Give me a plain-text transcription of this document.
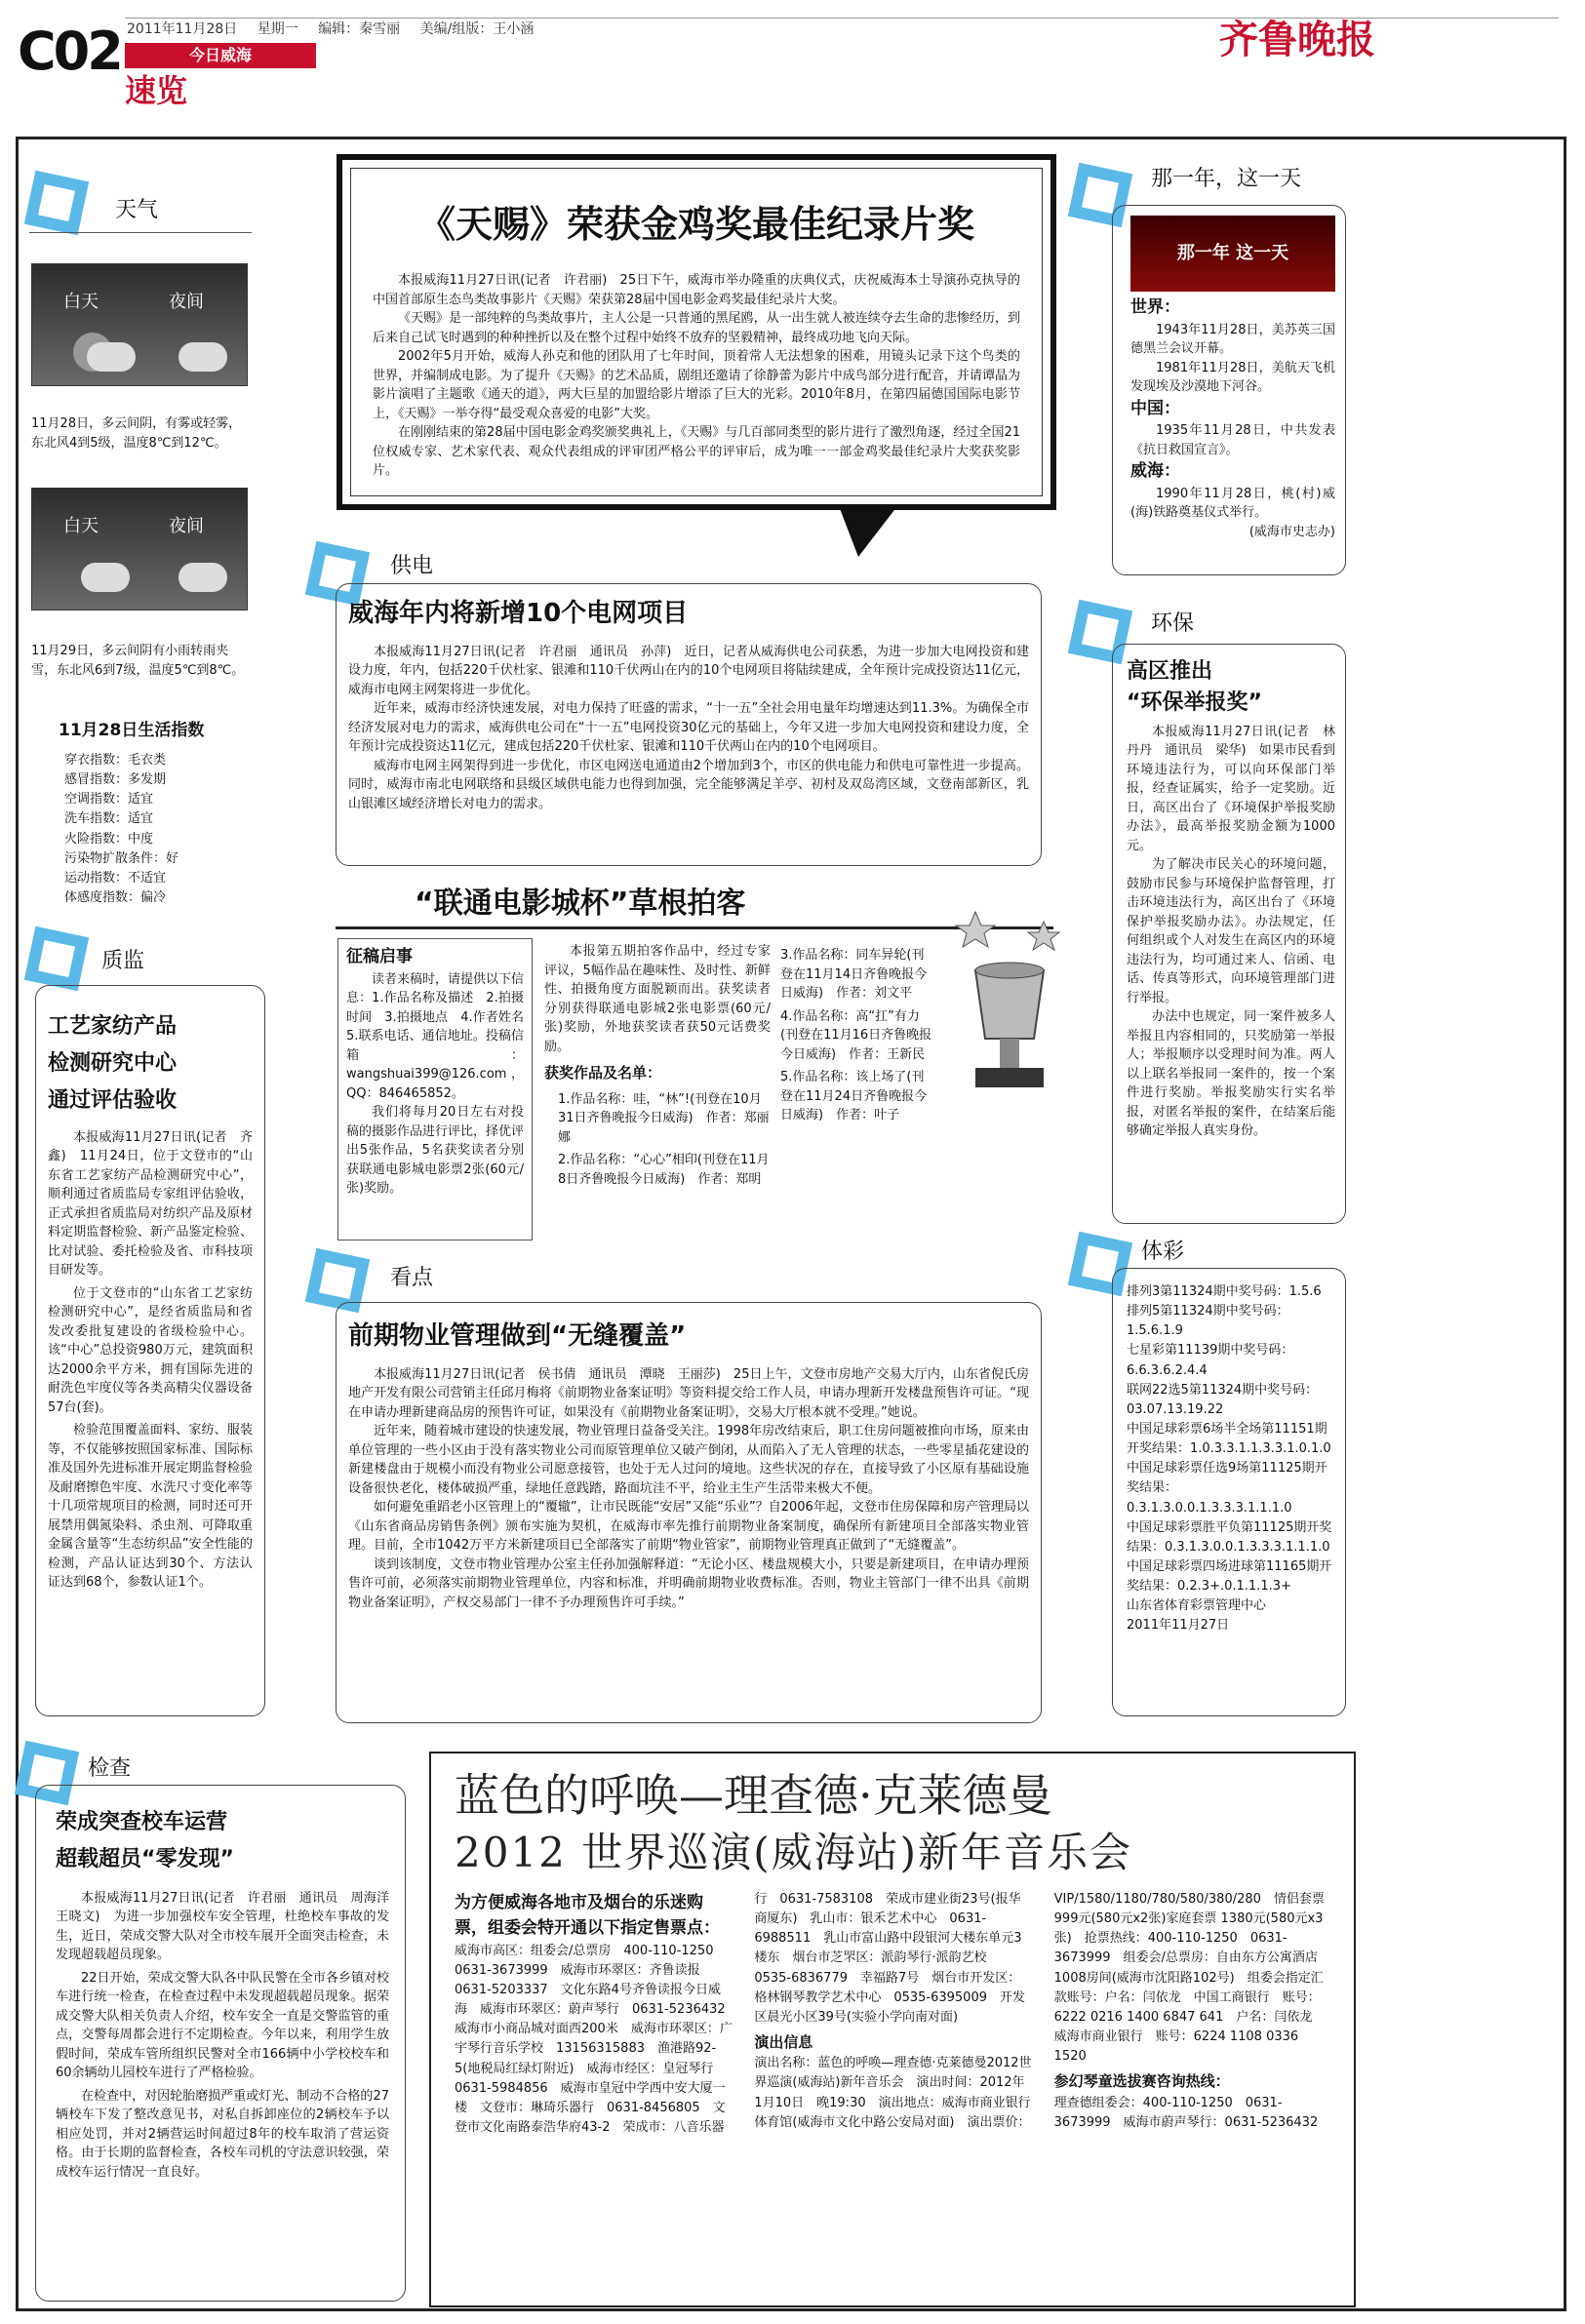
C02 2011年11月28日 星期一 编辑：秦雪丽 美编/组版：王小涵
今日威海
速览
齐鲁晚报
天气
白天	夜间
11月28日，多云间阴，有雾或轻雾，东北风4到5级，温度8℃到12℃。
白天	夜间
11月29日，多云间阴有小雨转雨夹雪，东北风6到7级，温度5℃到8℃。
11月28日生活指数
穿衣指数：毛衣类
感冒指数：多发期
空调指数：适宜
洗车指数：适宜
火险指数：中度
污染物扩散条件：好
运动指数：不适宜
体感度指数：偏冷
质监
工艺家纺产品
检测研究中心
通过评估验收

本报威海11月27日讯(记者　齐鑫)　11月24日，位于文登市的“山东省工艺家纺产品检测研究中心”，顺利通过省质监局专家组评估验收，正式承担省质监局对纺织产品及原材料定期监督检验、新产品鉴定检验、比对试验、委托检验及省、市科技项目研发等。

位于文登市的“山东省工艺家纺检测研究中心”，是经省质监局和省发改委批复建设的省级检验中心。该“中心”总投资980万元，建筑面积达2000余平方米，拥有国际先进的耐洗色牢度仪等各类高精尖仪器设备57台(套)。

检验范围覆盖面料、家纺、服装等，不仅能够按照国家标准、国际标准及国外先进标准开展定期监督检验及耐磨擦色牢度、水洗尺寸变化率等十几项常规项目的检测，同时还可开展禁用偶氮染料、杀虫剂、可降取重金属含量等“生态纺织品”安全性能的检测，产品认证达到30个、方法认证达到68个，参数认证1个。

检查
荣成突查校车运营
超载超员“零发现”

本报威海11月27日讯(记者　许君丽　通讯员　周海洋　王晓文)　为进一步加强校车安全管理，杜绝校车事故的发生，近日，荣成交警大队对全市校车展开全面突击检查，未发现超载超员现象。

22日开始，荣成交警大队各中队民警在全市各乡镇对校车进行统一检查，在检查过程中未发现超载超员现象。据荣成交警大队相关负责人介绍，校车安全一直是交警监管的重点，交警每周都会进行不定期检查。今年以来，利用学生放假时间，荣成车管所组织民警对全市166辆中小学校校车和60余辆幼儿园校车进行了严格检验。

在检查中，对因轮胎磨损严重或灯光、制动不合格的27辆校车下发了整改意见书，对私自拆卸座位的2辆校车予以相应处罚，并对2辆营运时间超过8年的校车取消了营运资格。由于长期的监督检查，各校车司机的守法意识较强，荣成校车运行情况一直良好。

《天赐》荣获金鸡奖最佳纪录片奖

本报威海11月27日讯(记者　许君丽)　25日下午，威海市举办隆重的庆典仪式，庆祝威海本土导演孙克执导的中国首部原生态鸟类故事影片《天赐》荣获第28届中国电影金鸡奖最佳纪录片大奖。

《天赐》是一部纯粹的鸟类故事片，主人公是一只普通的黑尾鸥，从一出生就人被连续夺去生命的悲惨经历，到后来自己试飞时遇到的种种挫折以及在整个过程中始终不放弃的坚毅精神，最终成功地飞向天际。

2002年5月开始，威海人孙克和他的团队用了七年时间，顶着常人无法想象的困难，用镜头记录下这个鸟类的世界，并编制成电影。为了提升《天赐》的艺术品质，剧组还邀请了徐静蕾为影片中成鸟部分进行配音，并请谭晶为影片演唱了主题歌《通天的道》，两大巨星的加盟给影片增添了巨大的光彩。2010年8月，在第四届德国国际电影节上，《天赐》一举夺得“最受观众喜爱的电影”大奖。

在刚刚结束的第28届中国电影金鸡奖颁奖典礼上，《天赐》与几百部同类型的影片进行了激烈角逐，经过全国21位权威专家、艺术家代表、观众代表组成的评审团严格公平的评审后，成为唯一一部金鸡奖最佳纪录片大奖获奖影片。

供电
威海年内将新增10个电网项目

本报威海11月27日讯(记者　许君丽　通讯员　孙萍)　近日，记者从威海供电公司获悉，为进一步加大电网投资和建设力度，年内，包括220千伏杜家、银滩和110千伏两山在内的10个电网项目将陆续建成，全年预计完成投资达11亿元，威海市电网主网架将进一步优化。

近年来，威海市经济快速发展，对电力保持了旺盛的需求，“十一五”全社会用电量年均增速达到11.3%。为确保全市经济发展对电力的需求，威海供电公司在“十一五”电网投资30亿元的基础上，今年又进一步加大电网投资和建设力度，全年预计完成投资达11亿元，建成包括220千伏杜家、银滩和110千伏两山在内的10个电网项目。

威海市电网主网架得到进一步优化，市区电网送电通道由2个增加到3个，市区的供电能力和供电可靠性进一步提高。同时，威海市南北电网联络和县级区域供电能力也得到加强，完全能够满足羊亭、初村及双岛湾区域，文登南部新区，乳山银滩区域经济增长对电力的需求。

“联通电影城杯”草根拍客
征稿启事

读者来稿时，请提供以下信息：1.作品名称及描述　2.拍摄时间　3.拍摄地点　4.作者姓名　5.联系电话、通信地址。投稿信箱：wangshuai399@126.com，QQ：846465852。

我们将每月20日左右对投稿的摄影作品进行评比，择优评出5张作品，5名获奖读者分别获联通电影城电影票2张(60元/张)奖励。

本报第五期拍客作品中，经过专家评议，5幅作品在趣味性、及时性、新鲜性、拍摄角度方面脱颖而出。获奖读者分别获得联通电影城2张电影票(60元/张)奖励，外地获奖读者获50元话费奖励。

获奖作品及名单：

1.作品名称：哇，“林”!(刊登在10月31日齐鲁晚报今日威海)　作者：郑丽娜

2.作品名称：“心心”相印(刊登在11月8日齐鲁晚报今日威海)　作者：郑明

3.作品名称：同车异轮(刊登在11月14日齐鲁晚报今日威海)　作者：刘文平

4.作品名称：高“扛”有力(刊登在11月16日齐鲁晚报今日威海)　作者：王新民

5.作品名称：该上场了(刊登在11月24日齐鲁晚报今日威海)　作者：叶子

看点
前期物业管理做到“无缝覆盖”

本报威海11月27日讯(记者　侯书倩　通讯员　潭晓　王丽莎)　25日上午，文登市房地产交易大厅内，山东省倪氏房地产开发有限公司营销主任邱月梅将《前期物业备案证明》等资料提交给工作人员，申请办理新开发楼盘预售许可证。“现在申请办理新建商品房的预售许可证，如果没有《前期物业备案证明》，交易大厅根本就不受理。”她说。

近年来，随着城市建设的快速发展，物业管理日益备受关注。1998年房改结束后，职工住房问题被推向市场，原来由单位管理的一些小区由于没有落实物业公司而原管理单位又破产倒闭，从而陷入了无人管理的状态，一些零星插花建设的新建楼盘由于规模小而没有物业公司愿意接管，也处于无人过问的境地。这些状况的存在，直接导致了小区原有基础设施设备很快老化，楼体破损严重，绿地任意践踏，路面坑洼不平，给业主生产生活带来极大不便。

如何避免重蹈老小区管理上的“覆辙”，让市民既能“安居”又能“乐业”？自2006年起，文登市住房保障和房产管理局以《山东省商品房销售条例》颁布实施为契机，在威海市率先推行前期物业备案制度，确保所有新建项目全部落实物业管理。目前，全市1042万平方米新建项目已全部落实了前期“物业管家”，前期物业管理真正做到了“无缝覆盖”。

谈到该制度，文登市物业管理办公室主任孙加强解释道：“无论小区、楼盘规模大小，只要是新建项目，在申请办理预售许可前，必须落实前期物业管理单位，内容和标准，并明确前期物业收费标准。否则，物业主管部门一律不出具《前期物业备案证明》，产权交易部门一律不予办理预售许可手续。”

那一年，这一天
那一年 这一天
世界：

1943年11月28日，美苏英三国德黑兰会议开幕。

1981年11月28日，美航天飞机发现埃及沙漠地下河谷。

中国：

1935年11月28日，中共发表《抗日救国宣言》。

威海：

1990年11月28日，桃(村)威(海)铁路奠基仪式举行。

(威海市史志办)
环保
高区推出
“环保举报奖”

本报威海11月27日讯(记者　林丹丹　通讯员　梁华)　如果市民看到环境违法行为，可以向环保部门举报，经查证属实，给予一定奖励。近日，高区出台了《环境保护举报奖励办法》，最高举报奖励金额为1000元。

为了解决市民关心的环境问题，鼓励市民参与环境保护监督管理，打击环境违法行为，高区出台了《环境保护举报奖励办法》。办法规定，任何组织或个人对发生在高区内的环境违法行为，均可通过来人、信函、电话、传真等形式，向环境管理部门进行举报。

办法中也规定，同一案件被多人举报且内容相同的，只奖励第一举报人；举报顺序以受理时间为准。两人以上联名举报同一案件的，按一个案件进行奖励。举报奖励实行实名举报，对匿名举报的案件，在结案后能够确定举报人真实身份。

体彩
排列3第11324期中奖号码：1.5.6
排列5第11324期中奖号码：1.5.6.1.9
七星彩第11139期中奖号码：6.6.3.6.2.4.4
联网22选5第11324期中奖号码：03.07.13.19.22
中国足球彩票6场半全场第11151期开奖结果：1.0.3.3.1.1.3.3.1.0.1.0
中国足球彩票任选9场第11125期开奖结果：0.3.1.3.0.0.1.3.3.3.1.1.1.0
中国足球彩票胜平负第11125期开奖结果：0.3.1.3.0.0.1.3.3.3.1.1.1.0
中国足球彩票四场进球第11165期开奖结果：0.2.3+.0.1.1.1.3+
山东省体育彩票管理中心
2011年11月27日
蓝色的呼唤—理查德·克莱德曼
2012 世界巡演(威海站)新年音乐会
为方便威海各地市及烟台的乐迷购票，组委会特开通以下指定售票点：

威海市高区：组委会/总票房　400-110-1250　0631-3673999　威海市环翠区：齐鲁读报　0631-5203337　文化东路4号齐鲁读报今日威海　威海市环翠区：蔚声琴行　0631-5236432　威海市小商品城对面西200米　威海市环翠区：广宇琴行音乐学校　13156315883　渔港路92-5(地税局红绿灯附近)　威海市经区：皇冠琴行　0631-5984856　威海市皇冠中学西中安大厦一楼　文登市：琳琦乐器行　0631-8456805　文登市文化南路泰浩华府43-2　荣成市：八音乐器行　0631-7583108　荣成市建业街23号(报华商厦东)　乳山市：银禾艺术中心　0631-6988511　乳山市富山路中段银河大楼东单元3楼东　烟台市芝罘区：派韵琴行·派韵艺校　0535-6836779　幸福路7号　烟台市开发区：格林钢琴教学艺术中心　0535-6395009　开发区晨光小区39号(实验小学向南对面)

演出信息

演出名称：蓝色的呼唤—理查德·克莱德曼2012世界巡演(威海站)新年音乐会　演出时间：2012年1月10日　晚19:30　演出地点：威海市商业银行体育馆(威海市文化中路公安局对面)　演出票价：VIP/1580/1180/780/580/380/280　情侣套票 999元(580元x2张)家庭套票 1380元(580元x3张)　抢票热线：400-110-1250　0631-3673999　组委会/总票房：自由东方公寓酒店1008房间(威海市沈阳路102号)　组委会指定汇款账号：户名：闫依龙　中国工商银行　账号：6222 0216 1400 6847 641　户名：闫依龙　威海市商业银行　账号：6224 1108 0336 1520

参幻琴童选拔赛咨询热线：

理查德组委会：400-110-1250　0631-3673999　威海市蔚声琴行：0631-5236432
